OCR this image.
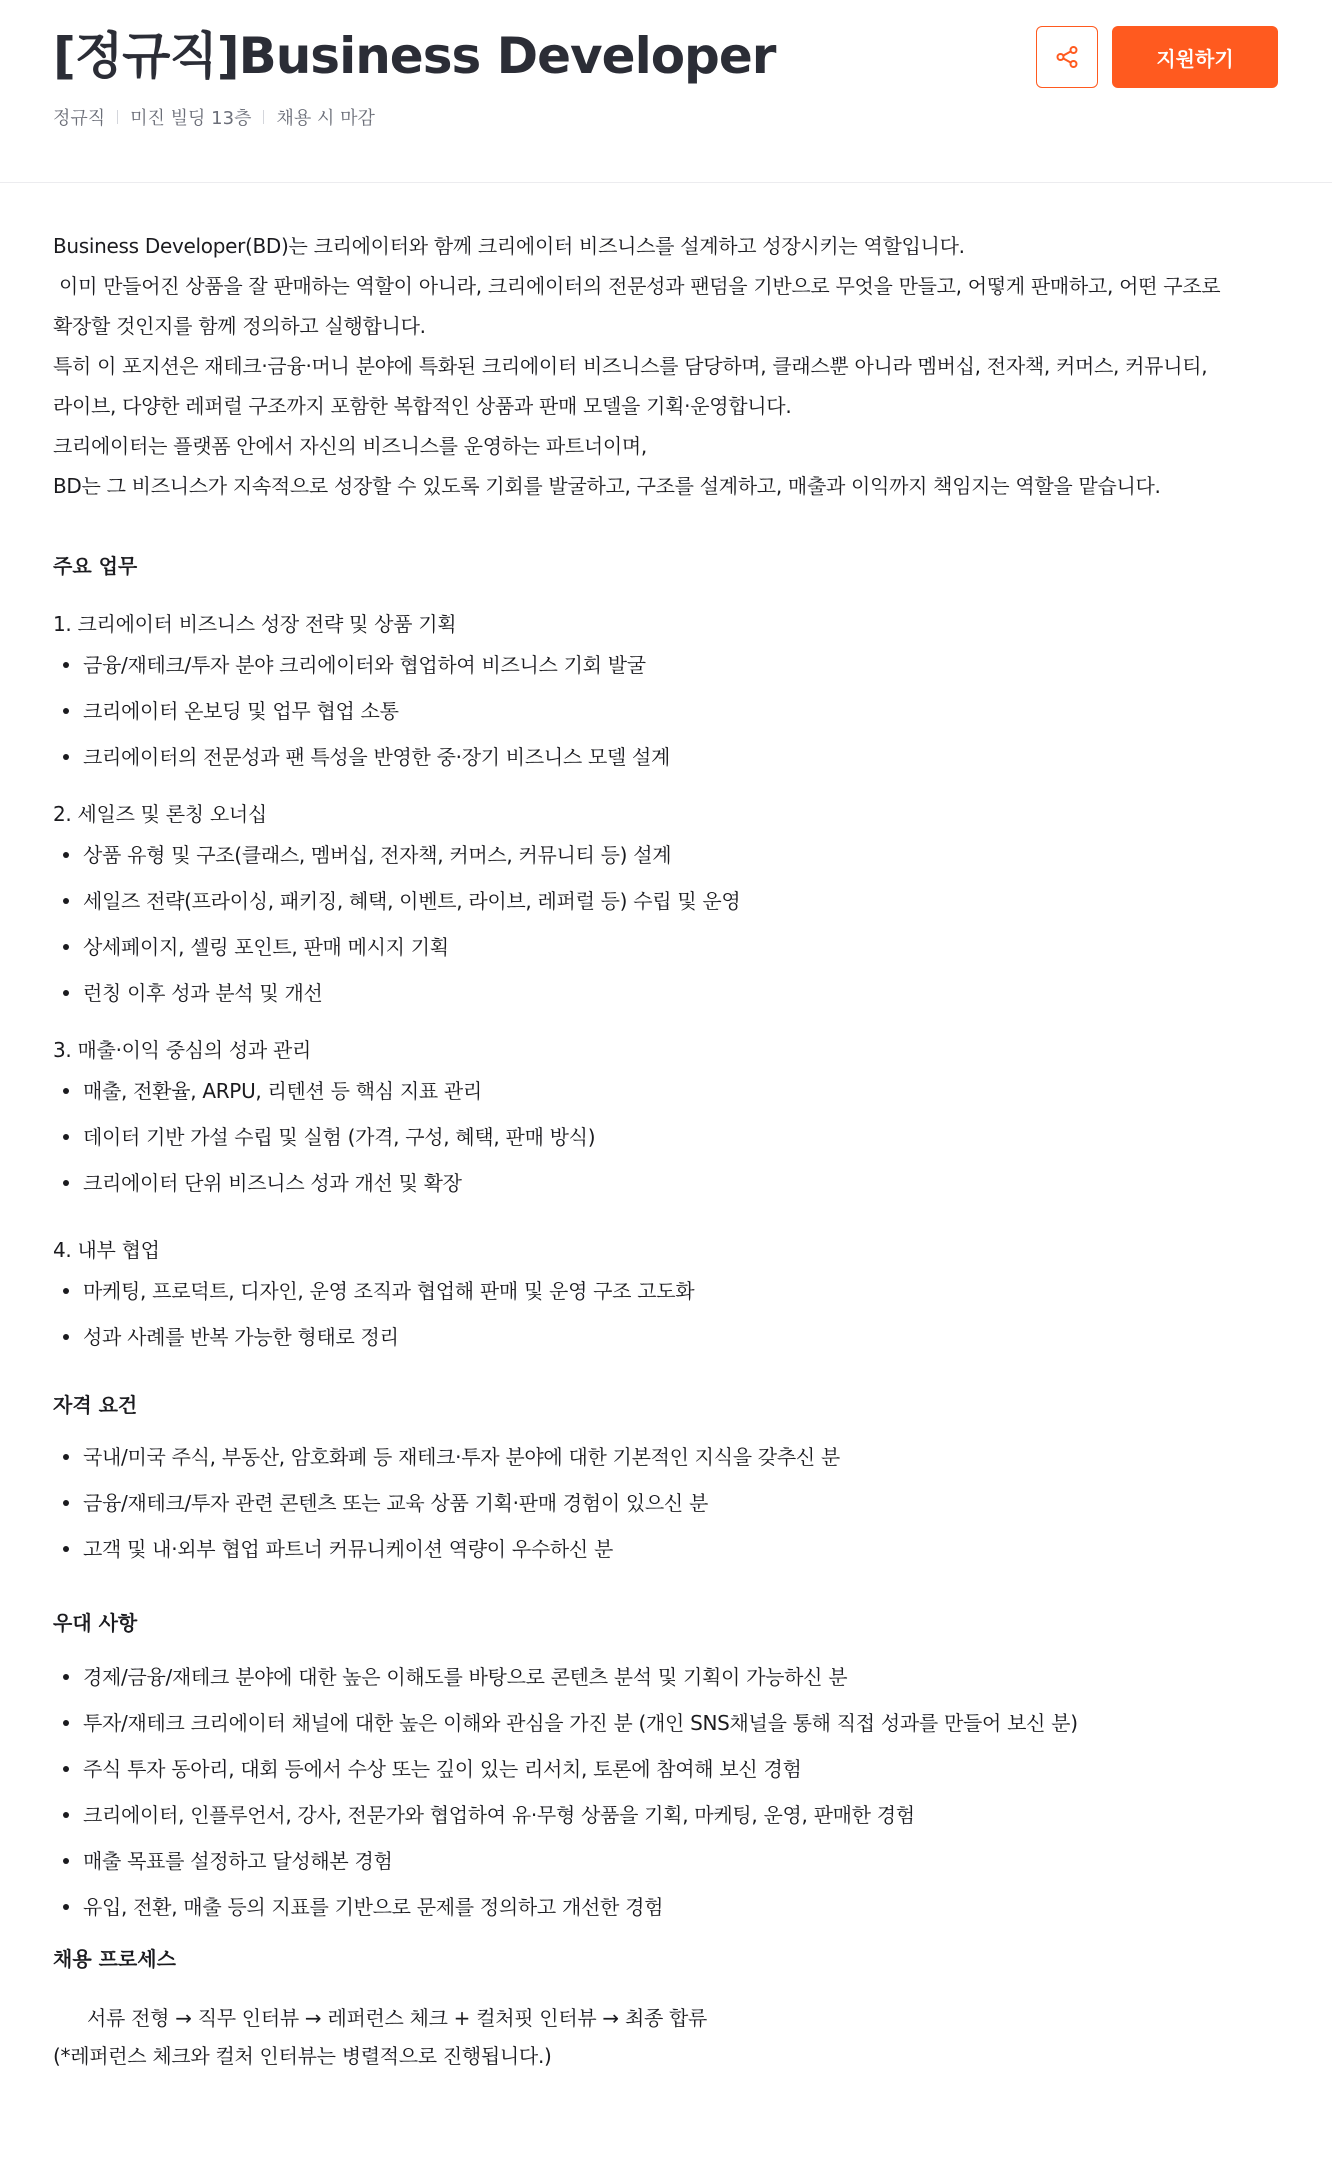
[정규직]Business Developer
정규직 미진 빌딩 13층 채용 시 마감
지원하기

Business Developer(BD)는 크리에이터와 함께 크리에이터 비즈니스를 설계하고 성장시키는 역할입니다.

이미 만들어진 상품을 잘 판매하는 역할이 아니라, 크리에이터의 전문성과 팬덤을 기반으로 무엇을 만들고, 어떻게 판매하고, 어떤 구조로

확장할 것인지를 함께 정의하고 실행합니다.

특히 이 포지션은 재테크·금융·머니 분야에 특화된 크리에이터 비즈니스를 담당하며, 클래스뿐 아니라 멤버십, 전자책, 커머스, 커뮤니티,

라이브, 다양한 레퍼럴 구조까지 포함한 복합적인 상품과 판매 모델을 기획·운영합니다.

크리에이터는 플랫폼 안에서 자신의 비즈니스를 운영하는 파트너이며,

BD는 그 비즈니스가 지속적으로 성장할 수 있도록 기회를 발굴하고, 구조를 설계하고, 매출과 이익까지 책임지는 역할을 맡습니다.

주요 업무
1. 크리에이터 비즈니스 성장 전략 및 상품 기획
금융/재테크/투자 분야 크리에이터와 협업하여 비즈니스 기회 발굴
크리에이터 온보딩 및 업무 협업 소통
크리에이터의 전문성과 팬 특성을 반영한 중·장기 비즈니스 모델 설계
2. 세일즈 및 론칭 오너십
상품 유형 및 구조(클래스, 멤버십, 전자책, 커머스, 커뮤니티 등) 설계
세일즈 전략(프라이싱, 패키징, 혜택, 이벤트, 라이브, 레퍼럴 등) 수립 및 운영
상세페이지, 셀링 포인트, 판매 메시지 기획
런칭 이후 성과 분석 및 개선
3. 매출·이익 중심의 성과 관리
매출, 전환율, ARPU, 리텐션 등 핵심 지표 관리
데이터 기반 가설 수립 및 실험 (가격, 구성, 혜택, 판매 방식)
크리에이터 단위 비즈니스 성과 개선 및 확장
4. 내부 협업
마케팅, 프로덕트, 디자인, 운영 조직과 협업해 판매 및 운영 구조 고도화
성과 사례를 반복 가능한 형태로 정리
자격 요건
국내/미국 주식, 부동산, 암호화폐 등 재테크·투자 분야에 대한 기본적인 지식을 갖추신 분
금융/재테크/투자 관련 콘텐츠 또는 교육 상품 기획·판매 경험이 있으신 분
고객 및 내·외부 협업 파트너 커뮤니케이션 역량이 우수하신 분
우대 사항
경제/금융/재테크 분야에 대한 높은 이해도를 바탕으로 콘텐츠 분석 및 기획이 가능하신 분
투자/재테크 크리에이터 채널에 대한 높은 이해와 관심을 가진 분 (개인 SNS채널을 통해 직접 성과를 만들어 보신 분)
주식 투자 동아리, 대회 등에서 수상 또는 깊이 있는 리서치, 토론에 참여해 보신 경험
크리에이터, 인플루언서, 강사, 전문가와 협업하여 유·무형 상품을 기획, 마케팅, 운영, 판매한 경험
매출 목표를 설정하고 달성해본 경험
유입, 전환, 매출 등의 지표를 기반으로 문제를 정의하고 개선한 경험
채용 프로세스
서류 전형 → 직무 인터뷰 → 레퍼런스 체크 + 컬처핏 인터뷰 → 최종 합류
(*레퍼런스 체크와 컬처 인터뷰는 병렬적으로 진행됩니다.)
